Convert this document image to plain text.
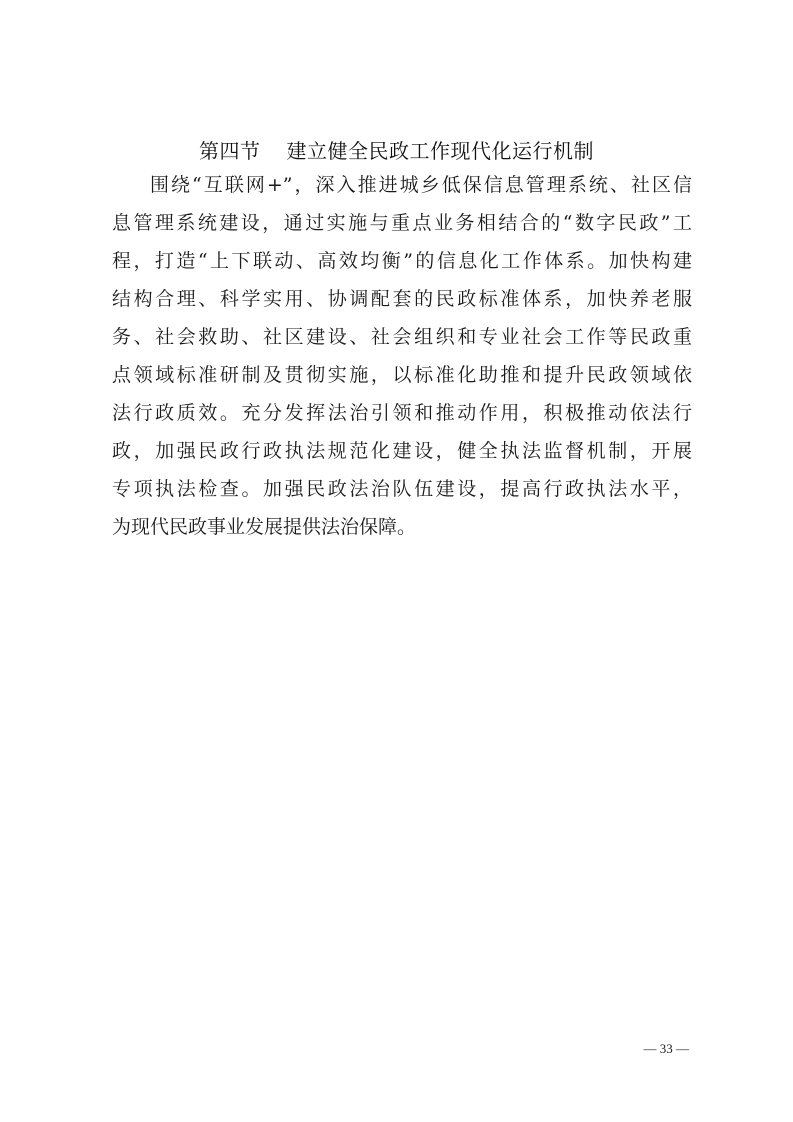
第四节 建立健全民政工作现代化运行机制
围绕“互联网+”，深入推进城乡低保信息管理系统、社区信
息管理系统建设，通过实施与重点业务相结合的“数字民政”工
程，打造“上下联动、高效均衡”的信息化工作体系。加快构建
结构合理、科学实用、协调配套的民政标准体系，加快养老服
务、社会救助、社区建设、社会组织和专业社会工作等民政重
点领域标准研制及贯彻实施，以标准化助推和提升民政领域依
法行政质效。充分发挥法治引领和推动作用，积极推动依法行
政，加强民政行政执法规范化建设，健全执法监督机制，开展
专项执法检查。加强民政法治队伍建设，提高行政执法水平，
为现代民政事业发展提供法治保障。
— 33 —
